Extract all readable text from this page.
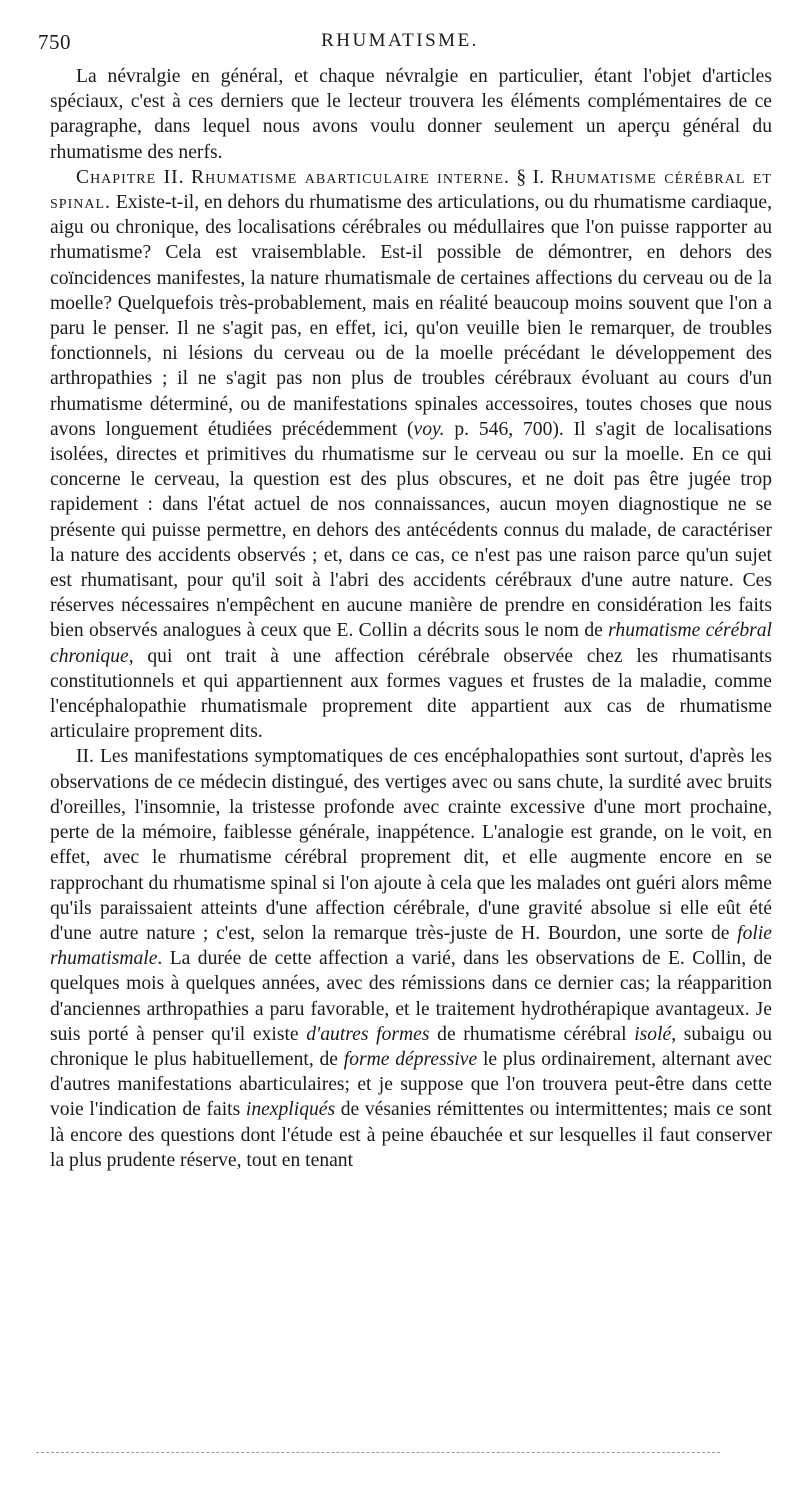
750	RHUMATISME.

La névralgie en général, et chaque névralgie en particulier, étant l'objet d'articles spéciaux, c'est à ces derniers que le lecteur trouvera les éléments complémentaires de ce paragraphe, dans lequel nous avons voulu donner seulement un aperçu général du rhumatisme des nerfs.

Chapitre II. Rhumatisme abarticulaire interne. § I. Rhumatisme cérébral et spinal. Existe-t-il, en dehors du rhumatisme des articulations, ou du rhumatisme cardiaque, aigu ou chronique, des localisations cérébrales ou médullaires que l'on puisse rapporter au rhumatisme? Cela est vraisemblable. Est-il possible de démontrer, en dehors des coïncidences manifestes, la nature rhumatismale de certaines affections du cerveau ou de la moelle? Quelquefois très-probablement, mais en réalité beaucoup moins souvent que l'on a paru le penser. Il ne s'agit pas, en effet, ici, qu'on veuille bien le remarquer, de troubles fonctionnels, ni lésions du cerveau ou de la moelle précédant le développement des arthropathies ; il ne s'agit pas non plus de troubles cérébraux évoluant au cours d'un rhumatisme déterminé, ou de manifestations spinales accessoires, toutes choses que nous avons longuement étudiées précédemment (voy. p. 546, 700). Il s'agit de localisations isolées, directes et primitives du rhumatisme sur le cerveau ou sur la moelle. En ce qui concerne le cerveau, la question est des plus obscures, et ne doit pas être jugée trop rapidement : dans l'état actuel de nos connaissances, aucun moyen diagnostique ne se présente qui puisse permettre, en dehors des antécédents connus du malade, de caractériser la nature des accidents observés ; et, dans ce cas, ce n'est pas une raison parce qu'un sujet est rhumatisant, pour qu'il soit à l'abri des accidents cérébraux d'une autre nature. Ces réserves nécessaires n'empêchent en aucune manière de prendre en considération les faits bien observés analogues à ceux que E. Collin a décrits sous le nom de rhumatisme cérébral chronique, qui ont trait à une affection cérébrale observée chez les rhumatisants constitutionnels et qui appartiennent aux formes vagues et frustes de la maladie, comme l'encéphalopathie rhumatismale proprement dite appartient aux cas de rhumatisme articulaire proprement dits.

II. Les manifestations symptomatiques de ces encéphalopathies sont surtout, d'après les observations de ce médecin distingué, des vertiges avec ou sans chute, la surdité avec bruits d'oreilles, l'insomnie, la tristesse profonde avec crainte excessive d'une mort prochaine, perte de la mémoire, faiblesse générale, inappétence. L'analogie est grande, on le voit, en effet, avec le rhumatisme cérébral proprement dit, et elle augmente encore en se rapprochant du rhumatisme spinal si l'on ajoute à cela que les malades ont guéri alors même qu'ils paraissaient atteints d'une affection cérébrale, d'une gravité absolue si elle eût été d'une autre nature ; c'est, selon la remarque très-juste de H. Bourdon, une sorte de folie rhumatismale. La durée de cette affection a varié, dans les observations de E. Collin, de quelques mois à quelques années, avec des rémissions dans ce dernier cas; la réapparition d'anciennes arthropathies a paru favorable, et le traitement hydrothérapique avantageux. Je suis porté à penser qu'il existe d'autres formes de rhumatisme cérébral isolé, subaigu ou chronique le plus habituellement, de forme dépressive le plus ordinairement, alternant avec d'autres manifestations abarticulaires; et je suppose que l'on trouvera peut-être dans cette voie l'indication de faits inexpliqués de vésanies rémittentes ou intermittentes; mais ce sont là encore des questions dont l'étude est à peine ébauchée et sur lesquelles il faut conserver la plus prudente réserve, tout en tenant
